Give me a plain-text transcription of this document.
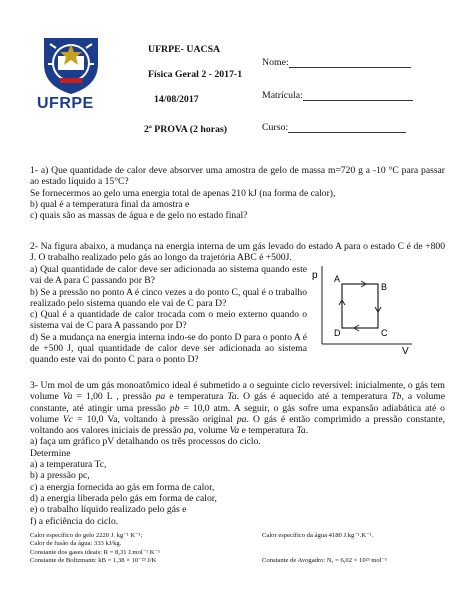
UFRPE
UFRPE- UACSA
Física Geral 2 - 2017-1
14/08/2017
2ª PROVA (2 horas)
Nome:
Matrícula:
Curso:

1- a) Que quantidade de calor deve absorver uma amostra de gelo de massa m=720 g a -10 °C para passar ao estado líquido a 15°C?

Se fornecermos ao gelo uma energia total de apenas 210 kJ (na forma de calor),

b) qual é a temperatura final da amostra e

c) quais são as massas de água e de gelo no estado final?

2- Na figura abaixo, a mudança na energia interna de um gás levado do estado A para o estado C é de +800 J. O trabalho realizado pelo gás ao longo da trajetória ABC é +500J.

a) Qual quantidade de calor deve ser adicionada ao sistema quando este vai de A para C passando por B?

b) Se a pressão no ponto A é cinco vezes a do ponto C, qual é o trabalho realizado pelo sistema quando ele vai de C para D?

c) Qual é a quantidade de calor trocada com o meio externo quando o sistema vai de C para A passando por D?

d) Se a mudança na energia interna indo-se do ponto D para o ponto A é de +500 J, qual quantidade de calor deve ser adicionada ao sistema quando este vai do ponto C para o ponto D?

p
V
A
B
C
D

3- Um mol de um gás monoatômico ideal é submetido a o seguinte ciclo reversível: inicialmente, o gás tem volume Va = 1,00 L , pressão pa e temperatura Ta. O gás é aquecido até a temperatura Tb, a volume constante, até atingir uma pressão pb = 10,0 atm. A seguir, o gás sofre uma expansão adiabática até o volume Vc = 10,0 Va, voltando à pressão original pa. O gás é então comprimido a pressão constante, voltando aos valores iniciais de pressão pa, volume Va e temperatura Ta.

a) faça um gráfico pV detalhando os três processos do ciclo.

Determine

a) a temperatura Tc,

b) a pressão pc,

c) a energia fornecida ao gás em forma de calor,

d) a energia liberada pelo gás em forma de calor,

e) o trabalho líquido realizado pelo gás e

f) a eficiência do ciclo.

Calor específico do gelo 2220 J. kg⁻¹ K⁻¹;

Calor de fusão da água: 333 kJ/kg.

Constante dos gases ideais: R = 8,31 J.mol⁻¹ K⁻¹

Constante de Boltzmann: kB = 1,38 × 10⁻²³ J/K

Calor específico da água 4180 J.kg⁻¹.K⁻¹.

Constante de Avogadro: Nₐ = 6,02 × 10²³ mol⁻¹
